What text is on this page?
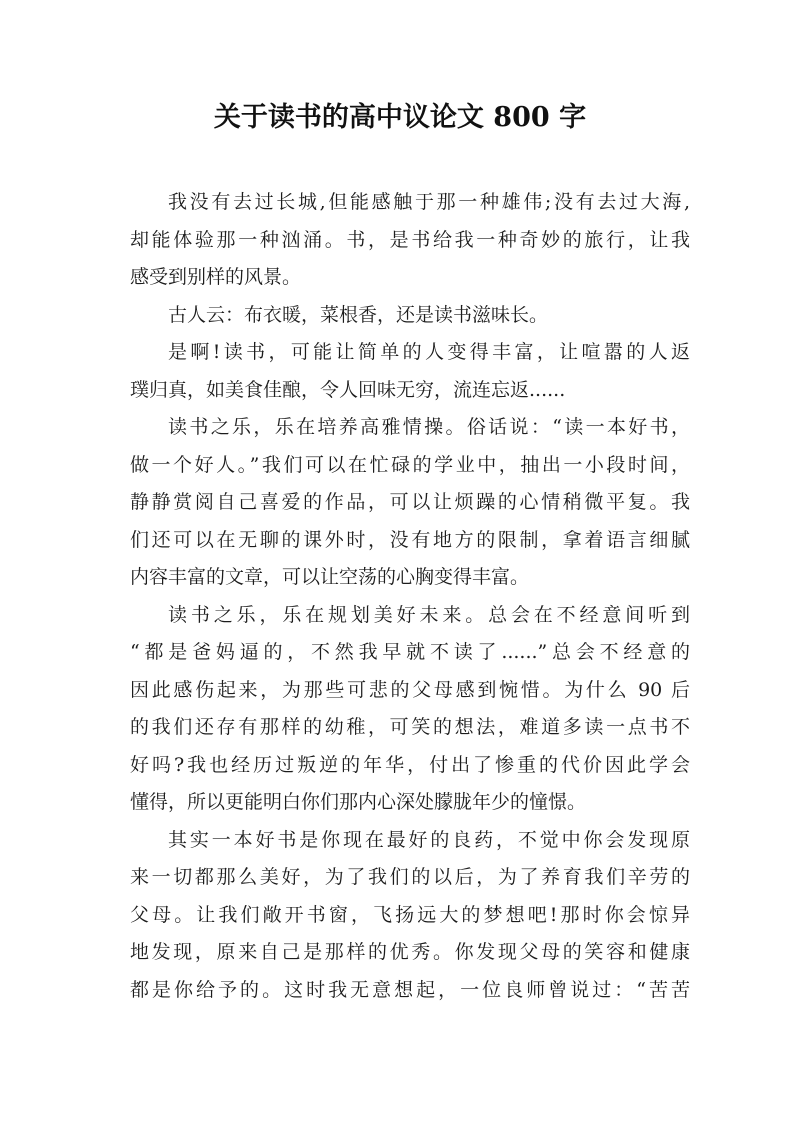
关于读书的高中议论文 800 字
我没有去过长城,但能感触于那一种雄伟;没有去过大海,
却能体验那一种汹涌。书，是书给我一种奇妙的旅行，让我
感受到别样的风景。
古人云：布衣暖，菜根香，还是读书滋味长。
是啊!读书，可能让简单的人变得丰富，让喧嚣的人返
璞归真，如美食佳酿，令人回味无穷，流连忘返......
读书之乐，乐在培养高雅情操。俗话说：“读一本好书，
做一个好人。”我们可以在忙碌的学业中，抽出一小段时间，
静静赏阅自己喜爱的作品，可以让烦躁的心情稍微平复。我
们还可以在无聊的课外时，没有地方的限制，拿着语言细腻
内容丰富的文章，可以让空荡的心胸变得丰富。
读书之乐，乐在规划美好未来。总会在不经意间听到
“都是爸妈逼的，不然我早就不读了......”总会不经意的
因此感伤起来，为那些可悲的父母感到惋惜。为什么 90 后
的我们还存有那样的幼稚，可笑的想法，难道多读一点书不
好吗?我也经历过叛逆的年华，付出了惨重的代价因此学会
懂得，所以更能明白你们那内心深处朦胧年少的憧憬。
其实一本好书是你现在最好的良药，不觉中你会发现原
来一切都那么美好，为了我们的以后，为了养育我们辛劳的
父母。让我们敞开书窗，飞扬远大的梦想吧!那时你会惊异
地发现，原来自己是那样的优秀。你发现父母的笑容和健康
都是你给予的。这时我无意想起，一位良师曾说过：“苦苦
